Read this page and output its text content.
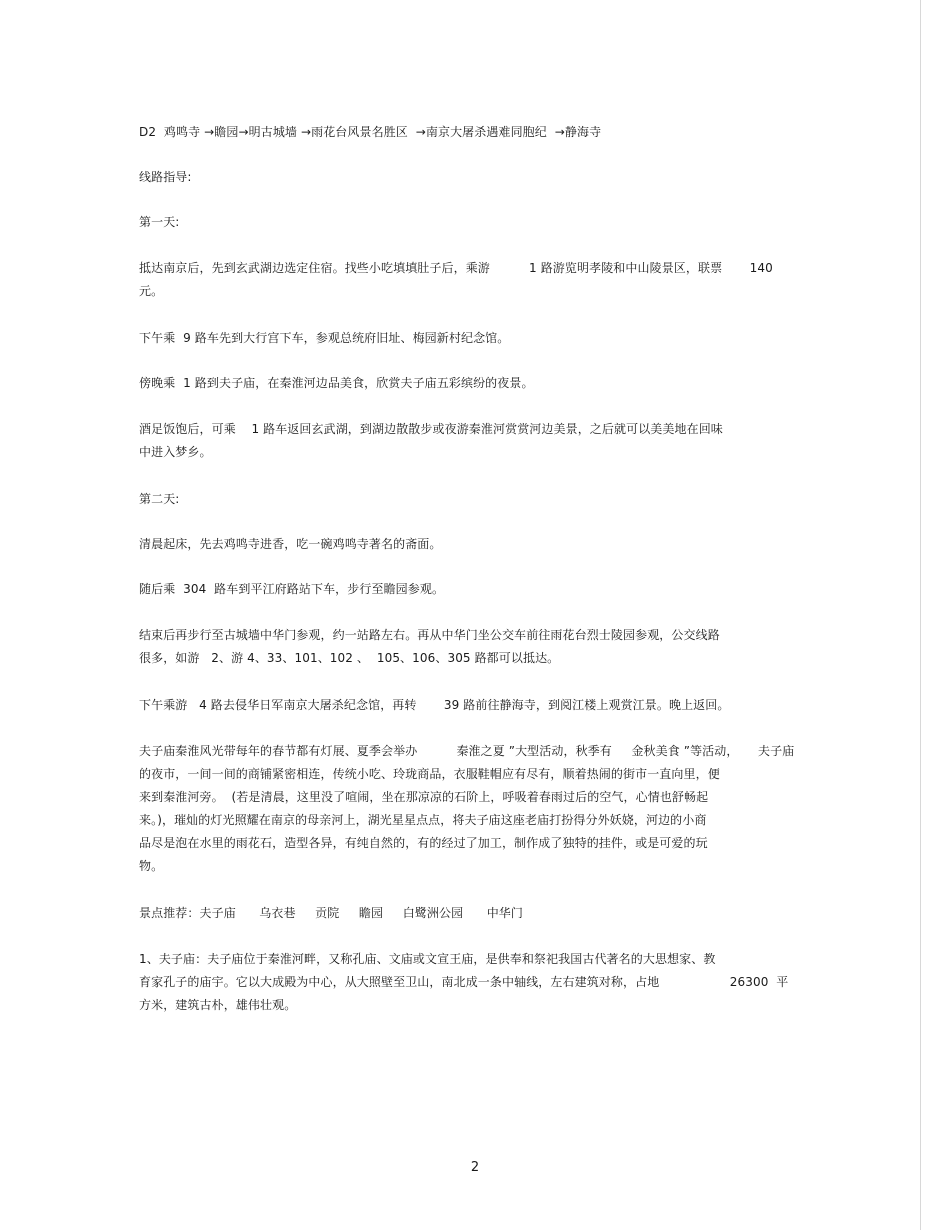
D2  鸡鸣寺 →瞻园→明古城墙 →雨花台风景名胜区  →南京大屠杀遇难同胞纪  →静海寺
线路指导:
第一天:
抵达南京后，先到玄武湖边选定住宿。找些小吃填填肚子后，乘游          1 路游览明孝陵和中山陵景区，联票       140
元。
下午乘  9 路车先到大行宫下车，参观总统府旧址、梅园新村纪念馆。
傍晚乘  1 路到夫子庙，在秦淮河边品美食，欣赏夫子庙五彩缤纷的夜景。
酒足饭饱后，可乘    1 路车返回玄武湖，到湖边散散步或夜游秦淮河赏赏河边美景，之后就可以美美地在回味
中进入梦乡。
第二天:
清晨起床，先去鸡鸣寺进香，吃一碗鸡鸣寺著名的斋面。
随后乘  304  路车到平江府路站下车，步行至瞻园参观。
结束后再步行至古城墙中华门参观，约一站路左右。再从中华门坐公交车前往雨花台烈士陵园参观，公交线路
很多，如游   2、游 4、33、101、102 、  105、106、305 路都可以抵达。
下午乘游   4 路去侵华日军南京大屠杀纪念馆，再转       39 路前往静海寺，到阅江楼上观赏江景。晚上返回。
夫子庙秦淮风光带每年的春节都有灯展、夏季会举办          秦淮之夏 ”大型活动，秋季有     金秋美食 ”等活动，     夫子庙
的夜市，一间一间的商铺紧密相连，传统小吃、玲珑商品，衣服鞋帽应有尽有，顺着热闹的街市一直向里，便
来到秦淮河旁。  (若是清晨，这里没了喧闹，坐在那凉凉的石阶上，呼吸着春雨过后的空气，心情也舒畅起
来。)，璀灿的灯光照耀在南京的母亲河上，湖光星星点点，将夫子庙这座老庙打扮得分外妖娆，河边的小商
品尽是泡在水里的雨花石，造型各异，有纯自然的，有的经过了加工，制作成了独特的挂件，或是可爱的玩
物。
景点推荐：夫子庙      乌衣巷     贡院     瞻园     白鹭洲公园      中华门
1、夫子庙：夫子庙位于秦淮河畔，又称孔庙、文庙或文宣王庙，是供奉和祭祀我国古代著名的大思想家、教
育家孔子的庙宇。它以大成殿为中心，从大照壁至卫山，南北成一条中轴线，左右建筑对称，占地                  26300  平
方米，建筑古朴，雄伟壮观。
2
